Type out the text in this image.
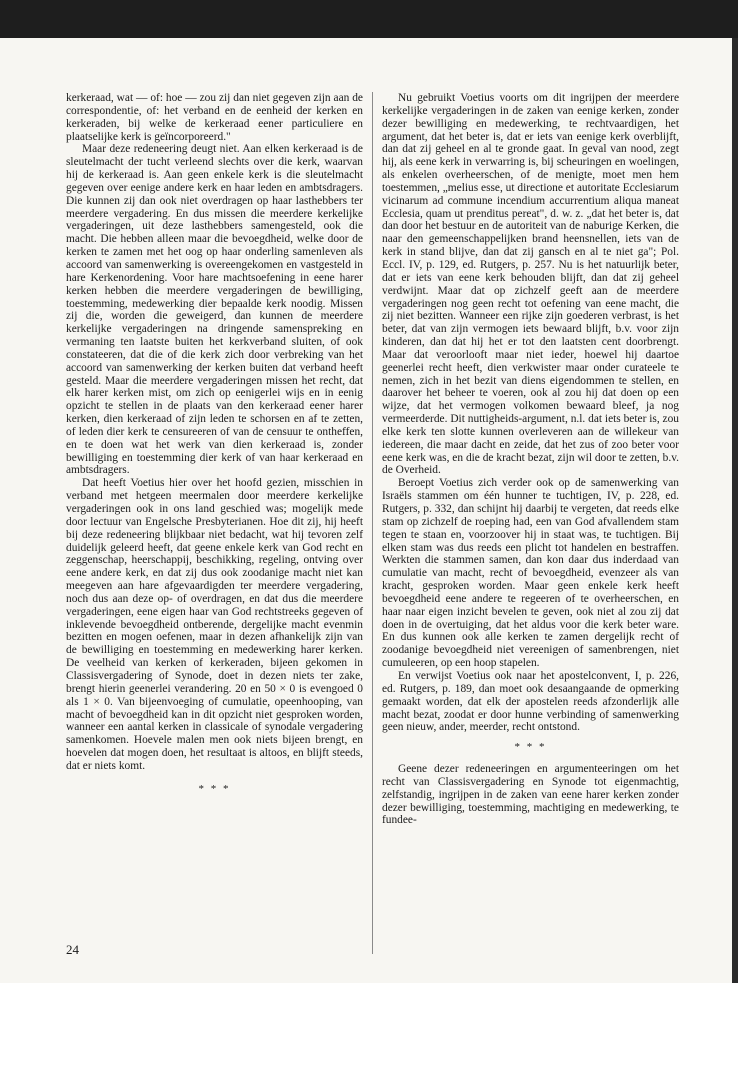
kerkeraad, wat — of: hoe — zou zij dan niet gegeven zijn aan de correspondentie, of: het verband en de eenheid der kerken en kerkeraden, bij welke de kerkeraad eener particuliere en plaatselijke kerk is geïncorporeerd."

Maar deze redeneering deugt niet. Aan elken kerkeraad is de sleutelmacht der tucht verleend slechts over die kerk, waarvan hij de kerkeraad is. Aan geen enkele kerk is die sleutelmacht gegeven over eenige andere kerk en haar leden en ambtsdragers. Die kunnen zij dan ook niet overdragen op haar lasthebbers ter meerdere vergadering. En dus missen die meerdere kerkelijke vergaderingen, uit deze lasthebbers samengesteld, ook die macht. Die hebben alleen maar die bevoegdheid, welke door de kerken te zamen met het oog op haar onderling samenleven als accoord van samenwerking is overeengekomen en vastgesteld in hare Kerkenordening. Voor hare machtsoefening in eene harer kerken hebben die meerdere vergaderingen de bewilliging, toestemming, medewerking dier bepaalde kerk noodig. Missen zij die, worden die geweigerd, dan kunnen de meerdere kerkelijke vergaderingen na dringende samenspreking en vermaning ten laatste buiten het kerkverband sluiten, of ook constateeren, dat die of die kerk zich door verbreking van het accoord van samenwerking der kerken buiten dat verband heeft gesteld. Maar die meerdere vergaderingen missen het recht, dat elk harer kerken mist, om zich op eenigerlei wijs en in eenig opzicht te stellen in de plaats van den kerkeraad eener harer kerken, dien kerkeraad of zijn leden te schorsen en af te zetten, of leden dier kerk te censureeren of van de censuur te ontheffen, en te doen wat het werk van dien kerkeraad is, zonder bewilliging en toestemming dier kerk of van haar kerkeraad en ambtsdragers.

Dat heeft Voetius hier over het hoofd gezien, misschien in verband met hetgeen meermalen door meerdere kerkelijke vergaderingen ook in ons land geschied was; mogelijk mede door lectuur van Engelsche Presbyterianen. Hoe dit zij, hij heeft bij deze redeneering blijkbaar niet bedacht, wat hij tevoren zelf duidelijk geleerd heeft, dat geene enkele kerk van God recht en zeggenschap, heerschappij, beschikking, regeling, ontving over eene andere kerk, en dat zij dus ook zoodanige macht niet kan meegeven aan hare afgevaardigden ter meerdere vergadering, noch dus aan deze op- of overdragen, en dat dus die meerdere vergaderingen, eene eigen haar van God rechtstreeks gegeven of inklevende bevoegdheid ontberende, dergelijke macht evenmin bezitten en mogen oefenen, maar in dezen afhankelijk zijn van de bewilliging en toestemming en medewerking harer kerken. De veelheid van kerken of kerkeraden, bijeen gekomen in Classisvergadering of Synode, doet in dezen niets ter zake, brengt hierin geenerlei verandering. 20 en 50 × 0 is evengoed 0 als 1 × 0. Van bijeenvoeging of cumulatie, opeenhooping, van macht of bevoegdheid kan in dit opzicht niet gesproken worden, wanneer een aantal kerken in classicale of synodale vergadering samenkomen. Hoevele malen men ook niets bijeen brengt, en hoevelen dat mogen doen, het resultaat is altoos, en blijft steeds, dat er niets komt.

* * *

Nu gebruikt Voetius voorts om dit ingrijpen der meerdere kerkelijke vergaderingen in de zaken van eenige kerken, zonder dezer bewilliging en medewerking, te rechtvaardigen, het argument, dat het beter is, dat er iets van eenige kerk overblijft, dan dat zij geheel en al te gronde gaat. In geval van nood, zegt hij, als eene kerk in verwarring is, bij scheuringen en woelingen, als enkelen overheerschen, of de menigte, moet men hem toestemmen, „melius esse, ut directione et autoritate Ecclesiarum vicinarum ad commune incendium accurrentium aliqua maneat Ecclesia, quam ut prenditus pereat", d. w. z. „dat het beter is, dat dan door het bestuur en de autoriteit van de naburige Kerken, die naar den gemeenschappelijken brand heensnellen, iets van de kerk in stand blijve, dan dat zij gansch en al te niet ga"; Pol. Eccl. IV, p. 129, ed. Rutgers, p. 257. Nu is het natuurlijk beter, dat er iets van eene kerk behouden blijft, dan dat zij geheel verdwijnt. Maar dat op zichzelf geeft aan de meerdere vergaderingen nog geen recht tot oefening van eene macht, die zij niet bezitten. Wanneer een rijke zijn goederen verbrast, is het beter, dat van zijn vermogen iets bewaard blijft, b.v. voor zijn kinderen, dan dat hij het er tot den laatsten cent doorbrengt. Maar dat veroorlooft maar niet ieder, hoewel hij daartoe geenerlei recht heeft, dien verkwister maar onder curateele te nemen, zich in het bezit van diens eigendommen te stellen, en daarover het beheer te voeren, ook al zou hij dat doen op een wijze, dat het vermogen volkomen bewaard bleef, ja nog vermeerderde. Dit nuttigheids-argument, n.l. dat iets beter is, zou elke kerk ten slotte kunnen overleveren aan de willekeur van iedereen, die maar dacht en zeide, dat het zus of zoo beter voor eene kerk was, en die de kracht bezat, zijn wil door te zetten, b.v. de Overheid.

Beroept Voetius zich verder ook op de samenwerking van Israëls stammen om één hunner te tuchtigen, IV, p. 228, ed. Rutgers, p. 332, dan schijnt hij daarbij te vergeten, dat reeds elke stam op zichzelf de roeping had, een van God afvallendem stam tegen te staan en, voorzoover hij in staat was, te tuchtigen. Bij elken stam was dus reeds een plicht tot handelen en bestraffen. Werkten die stammen samen, dan kon daar dus inderdaad van cumulatie van macht, recht of bevoegdheid, evenzeer als van kracht, gesproken worden. Maar geen enkele kerk heeft bevoegdheid eene andere te regeeren of te overheerschen, en haar naar eigen inzicht bevelen te geven, ook niet al zou zij dat doen in de overtuiging, dat het aldus voor die kerk beter ware. En dus kunnen ook alle kerken te zamen dergelijk recht of zoodanige bevoegdheid niet vereenigen of samenbrengen, niet cumuleeren, op een hoop stapelen.

En verwijst Voetius ook naar het apostelconvent, I, p. 226, ed. Rutgers, p. 189, dan moet ook desaangaande de opmerking gemaakt worden, dat elk der apostelen reeds afzonderlijk alle macht bezat, zoodat er door hunne verbinding of samenwerking geen nieuw, ander, meerder, recht ontstond.

* * *

Geene dezer redeneeringen en argumenteeringen om het recht van Classisvergadering en Synode tot eigenmachtig, zelfstandig, ingrijpen in de zaken van eene harer kerken zonder dezer bewilliging, toestemming, machtiging en medewerking, te fundee-

24
